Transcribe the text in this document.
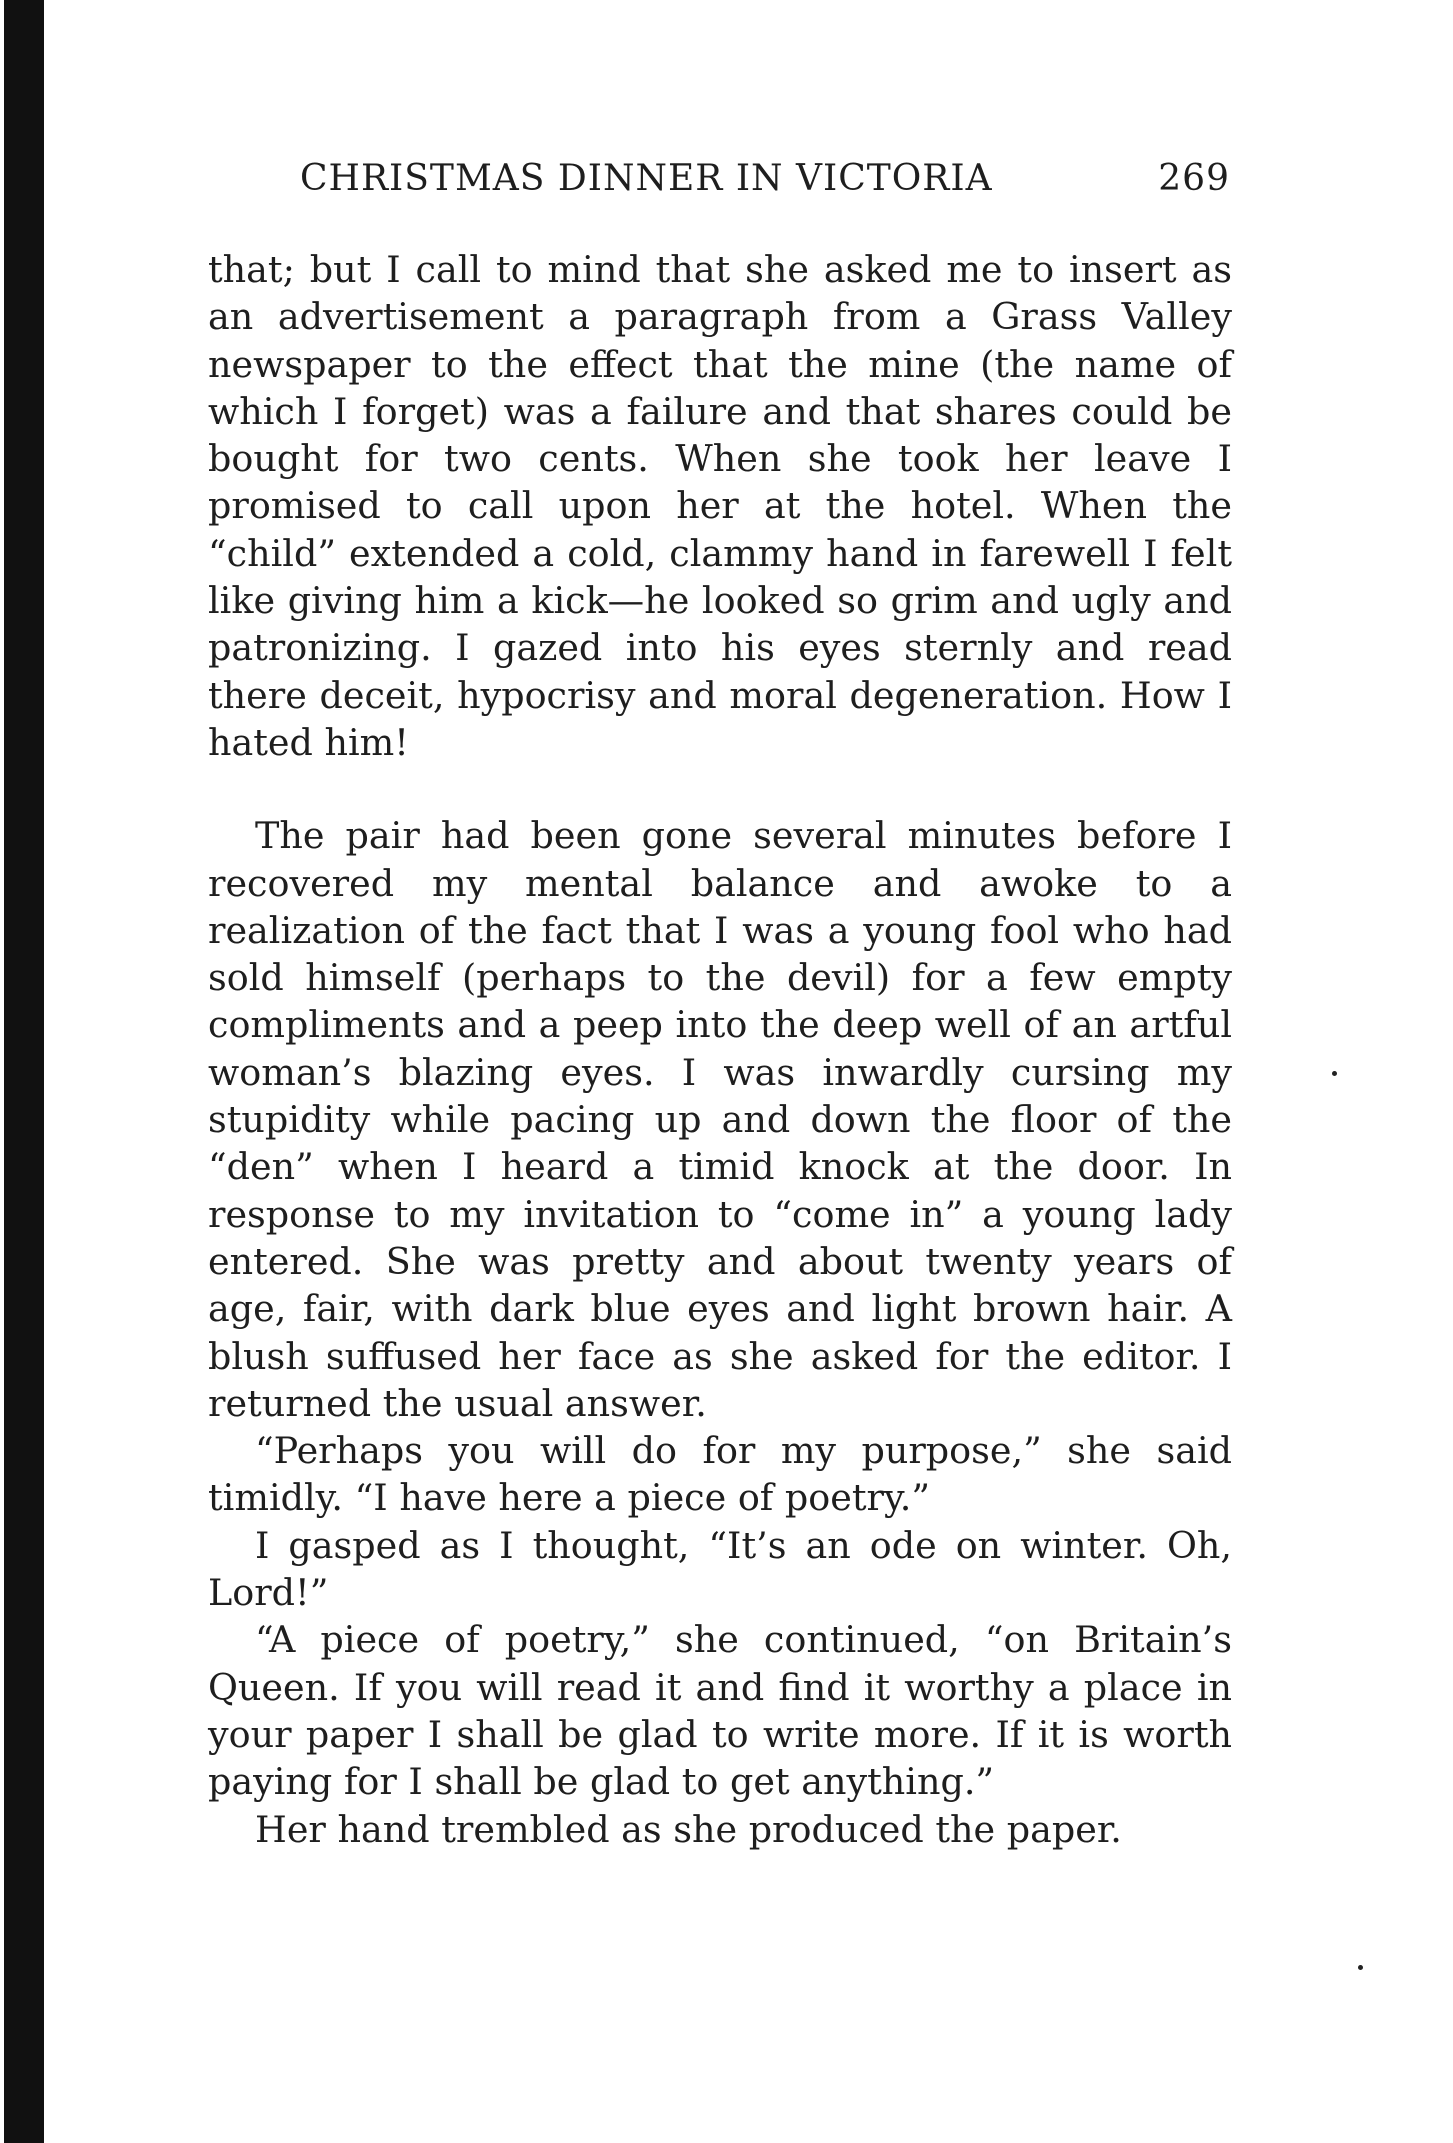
CHRISTMAS DINNER IN VICTORIA	269

that; but I call to mind that she asked me to insert as an advertisement a paragraph from a Grass Valley newspaper to the effect that the mine (the name of which I forget) was a failure and that shares could be bought for two cents. When she took her leave I promised to call upon her at the hotel. When the “child” extended a cold, clammy hand in farewell I felt like giving him a kick—he looked so grim and ugly and patronizing. I gazed into his eyes sternly and read there deceit, hypocrisy and moral degeneration. How I hated him!

The pair had been gone several minutes before I recovered my mental balance and awoke to a realization of the fact that I was a young fool who had sold himself (perhaps to the devil) for a few empty compliments and a peep into the deep well of an artful woman’s blazing eyes. I was inwardly cursing my stupidity while pacing up and down the floor of the “den” when I heard a timid knock at the door. In response to my invitation to “come in” a young lady entered. She was pretty and about twenty years of age, fair, with dark blue eyes and light brown hair. A blush suffused her face as she asked for the editor. I returned the usual answer.

“Perhaps you will do for my purpose,” she said timidly. “I have here a piece of poetry.”

I gasped as I thought, “It’s an ode on winter. Oh, Lord!”

“A piece of poetry,” she continued, “on Britain’s Queen. If you will read it and find it worthy a place in your paper I shall be glad to write more. If it is worth paying for I shall be glad to get anything.”

Her hand trembled as she produced the paper.
